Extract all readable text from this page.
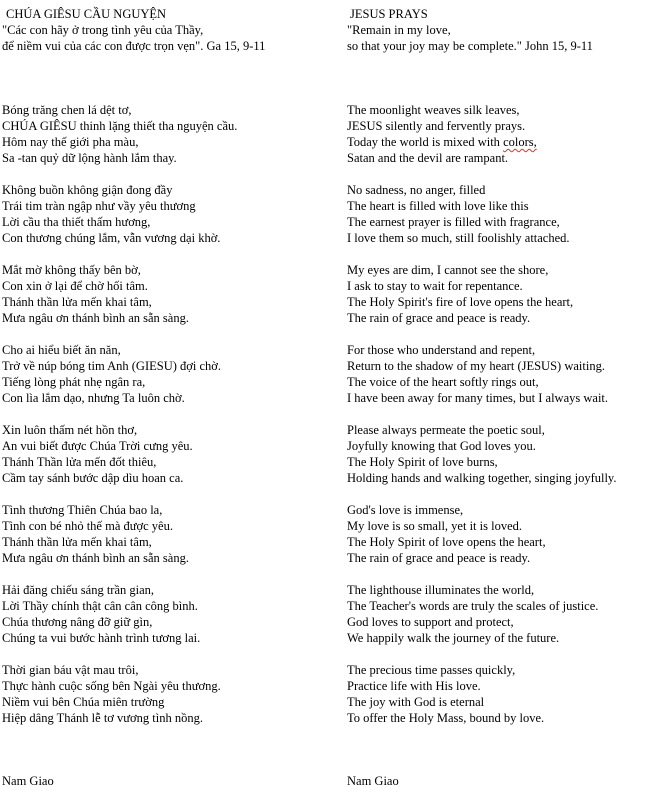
CHÚA GIÊSU CẦU NGUYỆN
"Các con hãy ở trong tình yêu của Thầy,
để niềm vui của các con được trọn vẹn". Ga 15, 9-11
Bóng trăng chen lá dệt tơ,
CHÚA GIÊSU thinh lặng thiết tha nguyện cầu.
Hôm nay thế giới pha màu,
Sa -tan quỷ dữ lộng hành lắm thay.
Không buồn không giận đong đầy
Trái tim tràn ngập như vầy yêu thương
Lời cầu tha thiết thấm hương,
Con thương chúng lắm, vẫn vương dại khờ.
Mắt mờ không thấy bên bờ,
Con xin ở lại để chờ hối tâm.
Thánh thần lửa mến khai tâm,
Mưa ngâu ơn thánh bình an sẵn sàng.
Cho ai hiểu biết ăn năn,
Trở về núp bóng tim Anh (GIESU) đợi chờ.
Tiếng lòng phát nhẹ ngân ra,
Con lìa lắm dạo, nhưng Ta luôn chờ.
Xin luôn thấm nét hồn thơ,
An vui biết được Chúa Trời cưng yêu.
Thánh Thần lửa mến đốt thiêu,
Cầm tay sánh bước dập dìu hoan ca.
Tình thương Thiên Chúa bao la,
Tình con bé nhỏ thế mà được yêu.
Thánh thần lửa mến khai tâm,
Mưa ngâu ơn thánh bình an sẵn sàng.
Hải đăng chiếu sáng trần gian,
Lời Thầy chính thật cân cân công bình.
Chúa thương nâng đỡ giữ gìn,
Chúng ta vui bước hành trình tương lai.
Thời gian báu vật mau trôi,
Thực hành cuộc sống bên Ngài yêu thương.
Niềm vui bên Chúa miên trường
Hiệp dâng Thánh lễ tơ vương tình nồng.
JESUS PRAYS
"Remain in my love,
so that your joy may be complete." John 15, 9-11
The moonlight weaves silk leaves,
JESUS silently and fervently prays.
Today the world is mixed with colors,
Satan and the devil are rampant.
No sadness, no anger, filled
The heart is filled with love like this
The earnest prayer is filled with fragrance,
I love them so much, still foolishly attached.
My eyes are dim, I cannot see the shore,
I ask to stay to wait for repentance.
The Holy Spirit's fire of love opens the heart,
The rain of grace and peace is ready.
For those who understand and repent,
Return to the shadow of my heart (JESUS) waiting.
The voice of the heart softly rings out,
I have been away for many times, but I always wait.
Please always permeate the poetic soul,
Joyfully knowing that God loves you.
The Holy Spirit of love burns,
Holding hands and walking together, singing joyfully.
God's love is immense,
My love is so small, yet it is loved.
The Holy Spirit of love opens the heart,
The rain of grace and peace is ready.
The lighthouse illuminates the world,
The Teacher's words are truly the scales of justice.
God loves to support and protect,
We happily walk the journey of the future.
The precious time passes quickly,
Practice life with His love.
The joy with God is eternal
To offer the Holy Mass, bound by love.
Nam Giao	Nam Giao
